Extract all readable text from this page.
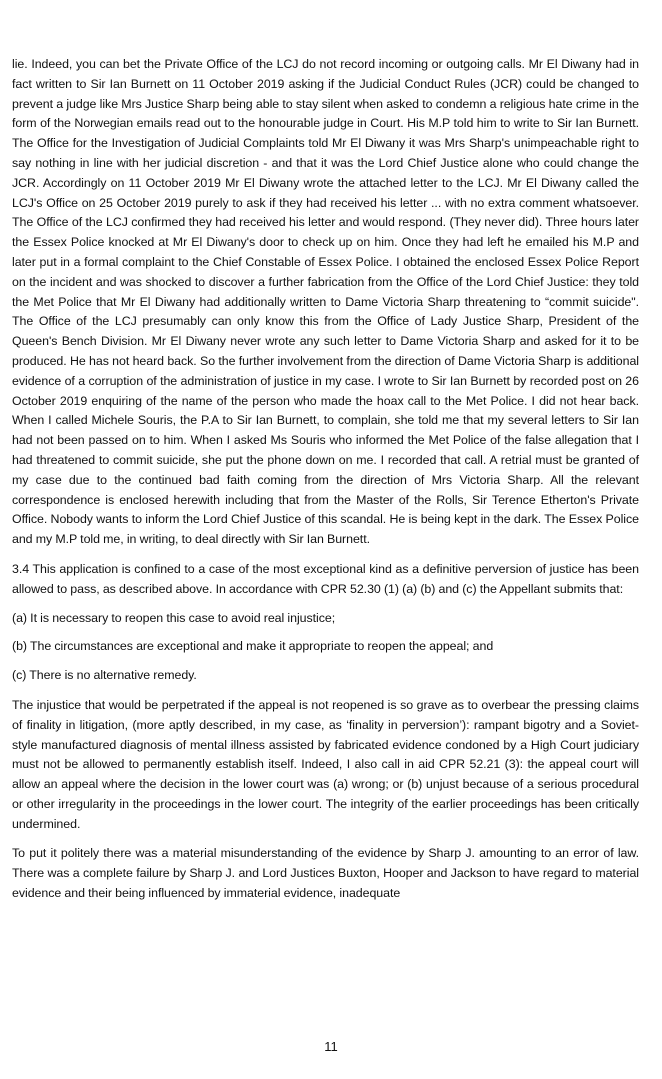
lie. Indeed, you can bet the Private Office of the LCJ do not record incoming or outgoing calls. Mr El Diwany had in fact written to Sir Ian Burnett on 11 October 2019 asking if the Judicial Conduct Rules (JCR) could be changed to prevent a judge like Mrs Justice Sharp being able to stay silent when asked to condemn a religious hate crime in the form of the Norwegian emails read out to the honourable judge in Court. His M.P told him to write to Sir Ian Burnett. The Office for the Investigation of Judicial Complaints told Mr El Diwany it was Mrs Sharp's unimpeachable right to say nothing in line with her judicial discretion - and that it was the Lord Chief Justice alone who could change the JCR. Accordingly on 11 October 2019 Mr El Diwany wrote the attached letter to the LCJ. Mr El Diwany called the LCJ's Office on 25 October 2019 purely to ask if they had received his letter ... with no extra comment whatsoever. The Office of the LCJ confirmed they had received his letter and would respond. (They never did). Three hours later the Essex Police knocked at Mr El Diwany's door to check up on him. Once they had left he emailed his M.P and later put in a formal complaint to the Chief Constable of Essex Police. I obtained the enclosed Essex Police Report on the incident and was shocked to discover a further fabrication from the Office of the Lord Chief Justice: they told the Met Police that Mr El Diwany had additionally written to Dame Victoria Sharp threatening to “commit suicide". The Office of the LCJ presumably can only know this from the Office of Lady Justice Sharp, President of the Queen's Bench Division. Mr El Diwany never wrote any such letter to Dame Victoria Sharp and asked for it to be produced. He has not heard back. So the further involvement from the direction of Dame Victoria Sharp is additional evidence of a corruption of the administration of justice in my case. I wrote to Sir Ian Burnett by recorded post on 26 October 2019 enquiring of the name of the person who made the hoax call to the Met Police. I did not hear back. When I called Michele Souris, the P.A to Sir Ian Burnett, to complain, she told me that my several letters to Sir Ian had not been passed on to him. When I asked Ms Souris who informed the Met Police of the false allegation that I had threatened to commit suicide, she put the phone down on me. I recorded that call. A retrial must be granted of my case due to the continued bad faith coming from the direction of Mrs Victoria Sharp. All the relevant correspondence is enclosed herewith including that from the Master of the Rolls, Sir Terence Etherton's Private Office. Nobody wants to inform the Lord Chief Justice of this scandal. He is being kept in the dark. The Essex Police and my M.P told me, in writing, to deal directly with Sir Ian Burnett.

3.4 This application is confined to a case of the most exceptional kind as a definitive perversion of justice has been allowed to pass, as described above. In accordance with CPR 52.30 (1) (a) (b) and (c) the Appellant submits that:

(a) It is necessary to reopen this case to avoid real injustice;

(b) The circumstances are exceptional and make it appropriate to reopen the appeal; and

(c) There is no alternative remedy.

The injustice that would be perpetrated if the appeal is not reopened is so grave as to overbear the pressing claims of finality in litigation, (more aptly described, in my case, as ‘finality in perversion’): rampant bigotry and a Soviet-style manufactured diagnosis of mental illness assisted by fabricated evidence condoned by a High Court judiciary must not be allowed to permanently establish itself. Indeed, I also call in aid CPR 52.21 (3): the appeal court will allow an appeal where the decision in the lower court was (a) wrong; or (b) unjust because of a serious procedural or other irregularity in the proceedings in the lower court. The integrity of the earlier proceedings has been critically undermined.

To put it politely there was a material misunderstanding of the evidence by Sharp J. amounting to an error of law. There was a complete failure by Sharp J. and Lord Justices Buxton, Hooper and Jackson to have regard to material evidence and their being influenced by immaterial evidence, inadequate

11
